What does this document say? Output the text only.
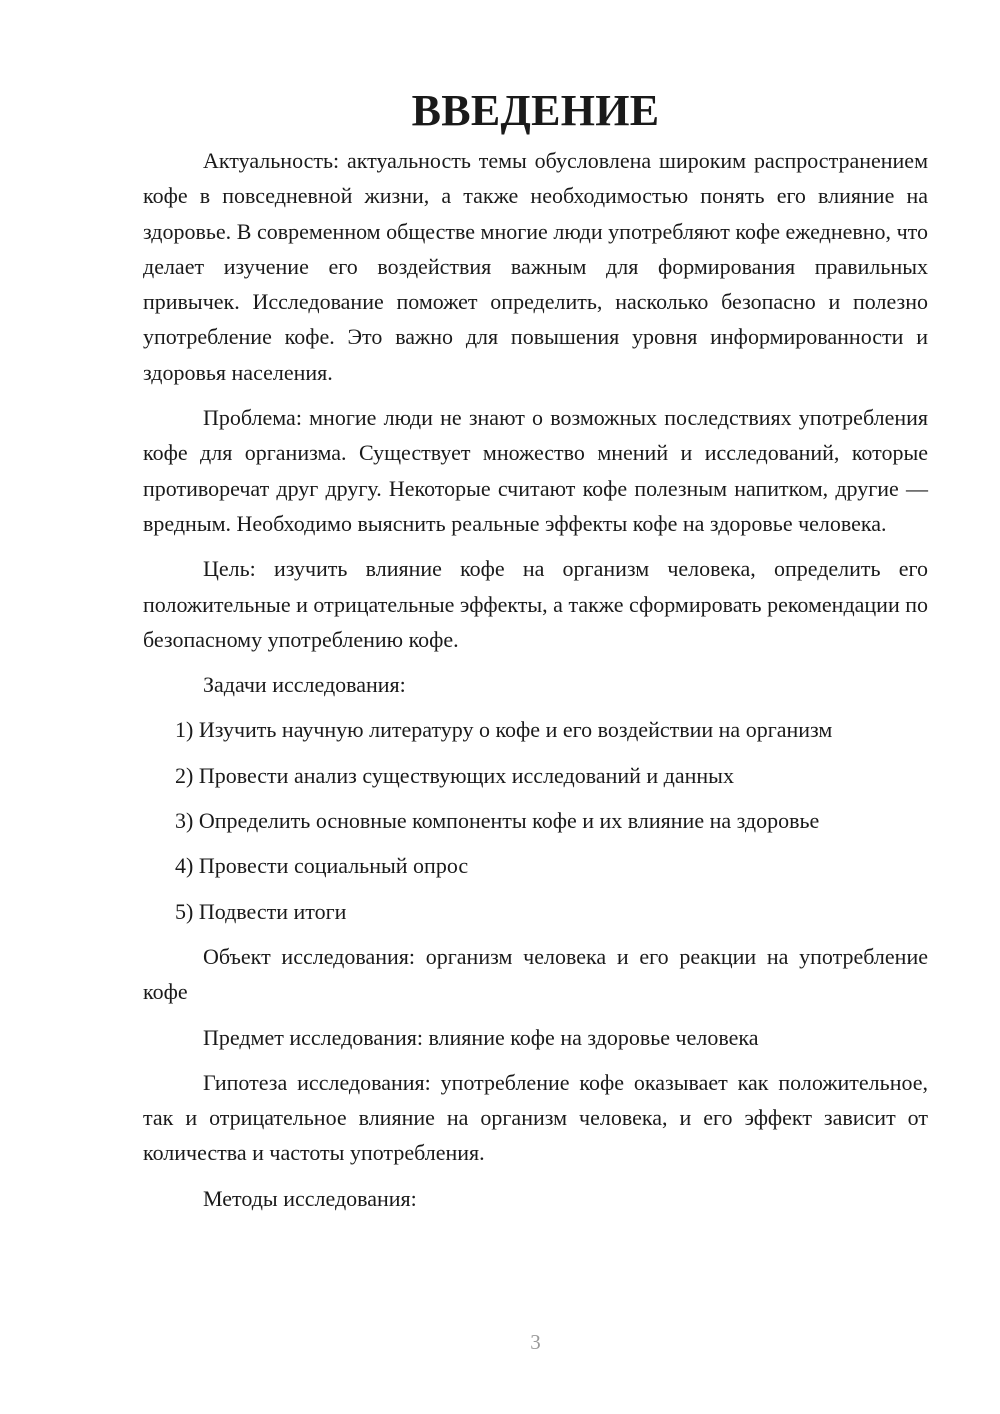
ВВЕДЕНИЕ

Актуальность: актуальность темы обусловлена широким распространением кофе в повседневной жизни, а также необходимостью понять его влияние на здоровье. В современном обществе многие люди употребляют кофе ежедневно, что делает изучение его воздействия важным для формирования правильных привычек. Исследование поможет определить, насколько безопасно и полезно употребление кофе. Это важно для повышения уровня информированности и здоровья населения.

Проблема: многие люди не знают о возможных последствиях употребления кофе для организма. Существует множество мнений и исследований, которые противоречат друг другу. Некоторые считают кофе полезным напитком, другие — вредным. Необходимо выяснить реальные эффекты кофе на здоровье человека.

Цель: изучить влияние кофе на организм человека, определить его положительные и отрицательные эффекты, а также сформировать рекомендации по безопасному употреблению кофе.

Задачи исследования:

1) Изучить научную литературу о кофе и его воздействии на организм
2) Провести анализ существующих исследований и данных
3) Определить основные компоненты кофе и их влияние на здоровье
4) Провести социальный опрос
5) Подвести итоги

Объект исследования: организм человека и его реакции на употребление кофе

Предмет исследования: влияние кофе на здоровье человека

Гипотеза исследования: употребление кофе оказывает как положительное, так и отрицательное влияние на организм человека, и его эффект зависит от количества и частоты употребления.

Методы исследования:

3
